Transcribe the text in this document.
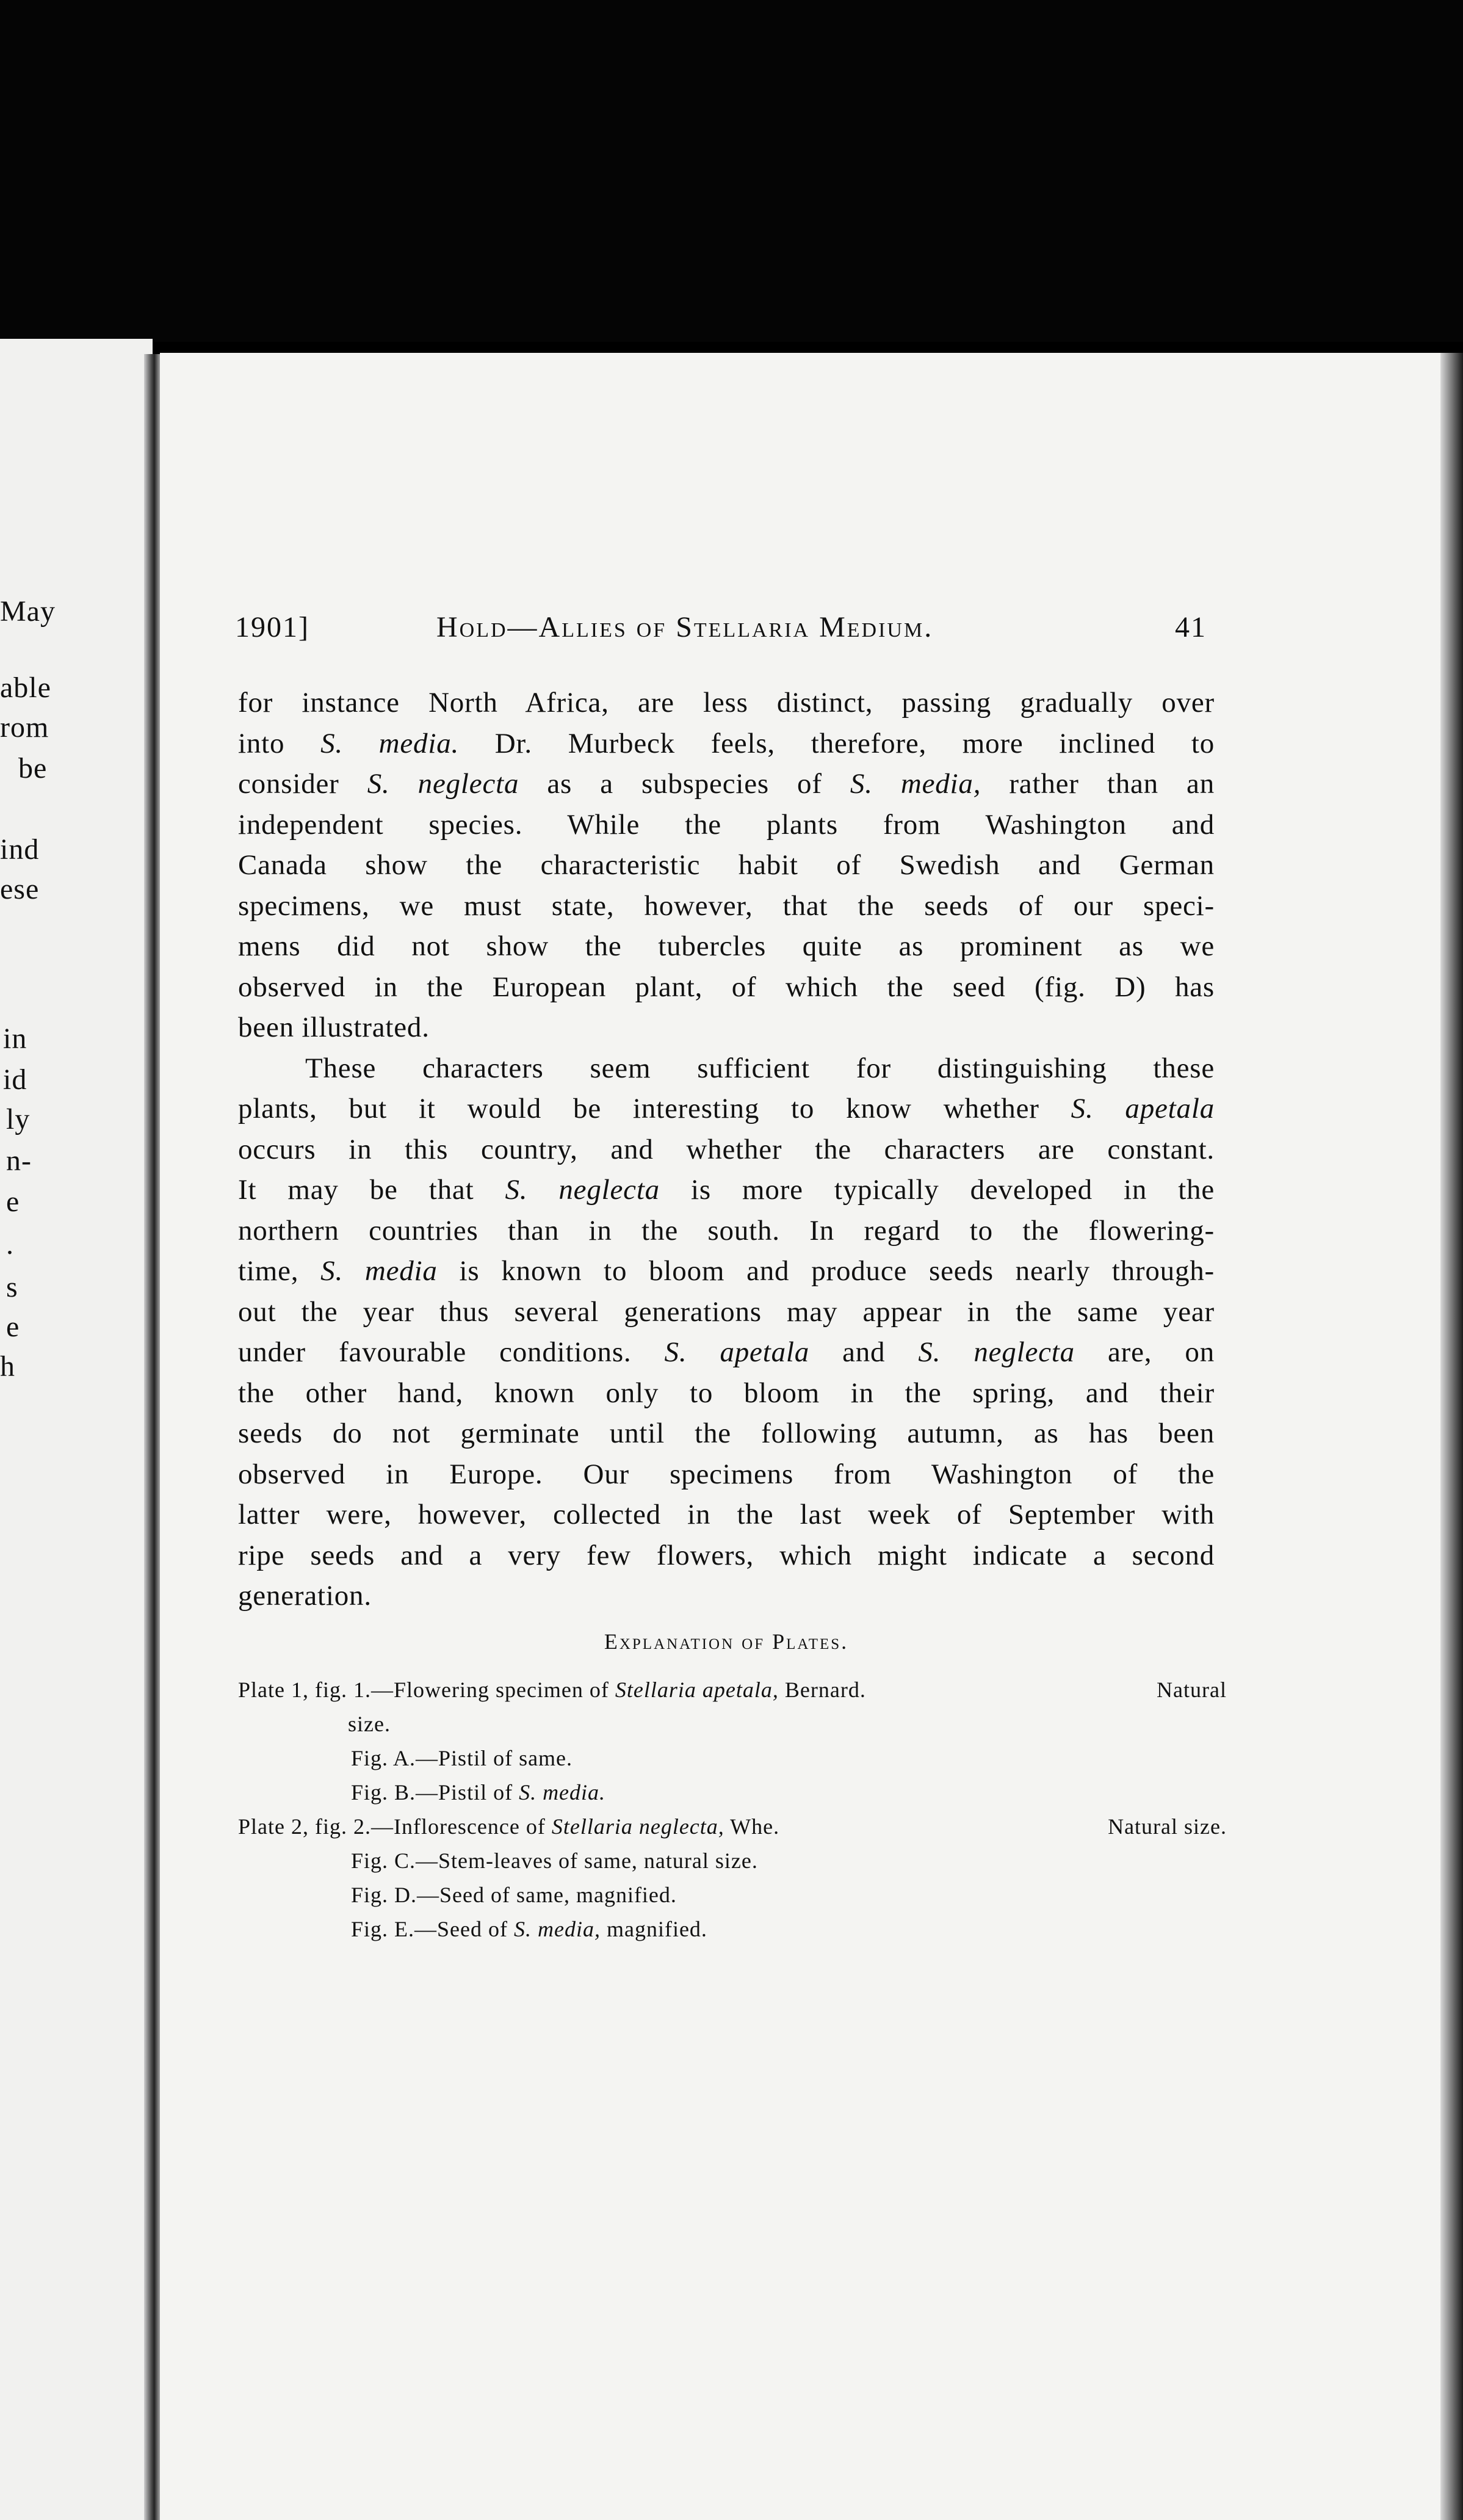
May
able
rom
be
ind
ese
in
id
ly
n-
e
.
s
e
h
1901]	Hold—Allies of Stellaria Medium.	41
for instance North Africa, are less distinct, passing gradually over
into S. media. Dr. Murbeck feels, therefore, more inclined to
consider S. neglecta as a subspecies of S. media, rather than an
independent species. While the plants from Washington and
Canada show the characteristic habit of Swedish and German
specimens, we must state, however, that the seeds of our speci-
mens did not show the tubercles quite as prominent as we
observed in the European plant, of which the seed (fig. D) has
been illustrated.
These characters seem sufficient for distinguishing these
plants, but it would be interesting to know whether S. apetala
occurs in this country, and whether the characters are constant.
It may be that S. neglecta is more typically developed in the
northern countries than in the south. In regard to the flowering-
time, S. media is known to bloom and produce seeds nearly through-
out the year thus several generations may appear in the same year
under favourable conditions. S. apetala and S. neglecta are, on
the other hand, known only to bloom in the spring, and their
seeds do not germinate until the following autumn, as has been
observed in Europe. Our specimens from Washington of the
latter were, however, collected in the last week of September with
ripe seeds and a very few flowers, which might indicate a second
generation.
Explanation of Plates.
Plate 1, fig. 1.—Flowering specimen of Stellaria apetala, Bernard.	Natural
size.
Fig. A.—Pistil of same.
Fig. B.—Pistil of S. media.
Plate 2, fig. 2.—Inflorescence of Stellaria neglecta, Whe.	Natural size.
Fig. C.—Stem-leaves of same, natural size.
Fig. D.—Seed of same, magnified.
Fig. E.—Seed of S. media, magnified.
